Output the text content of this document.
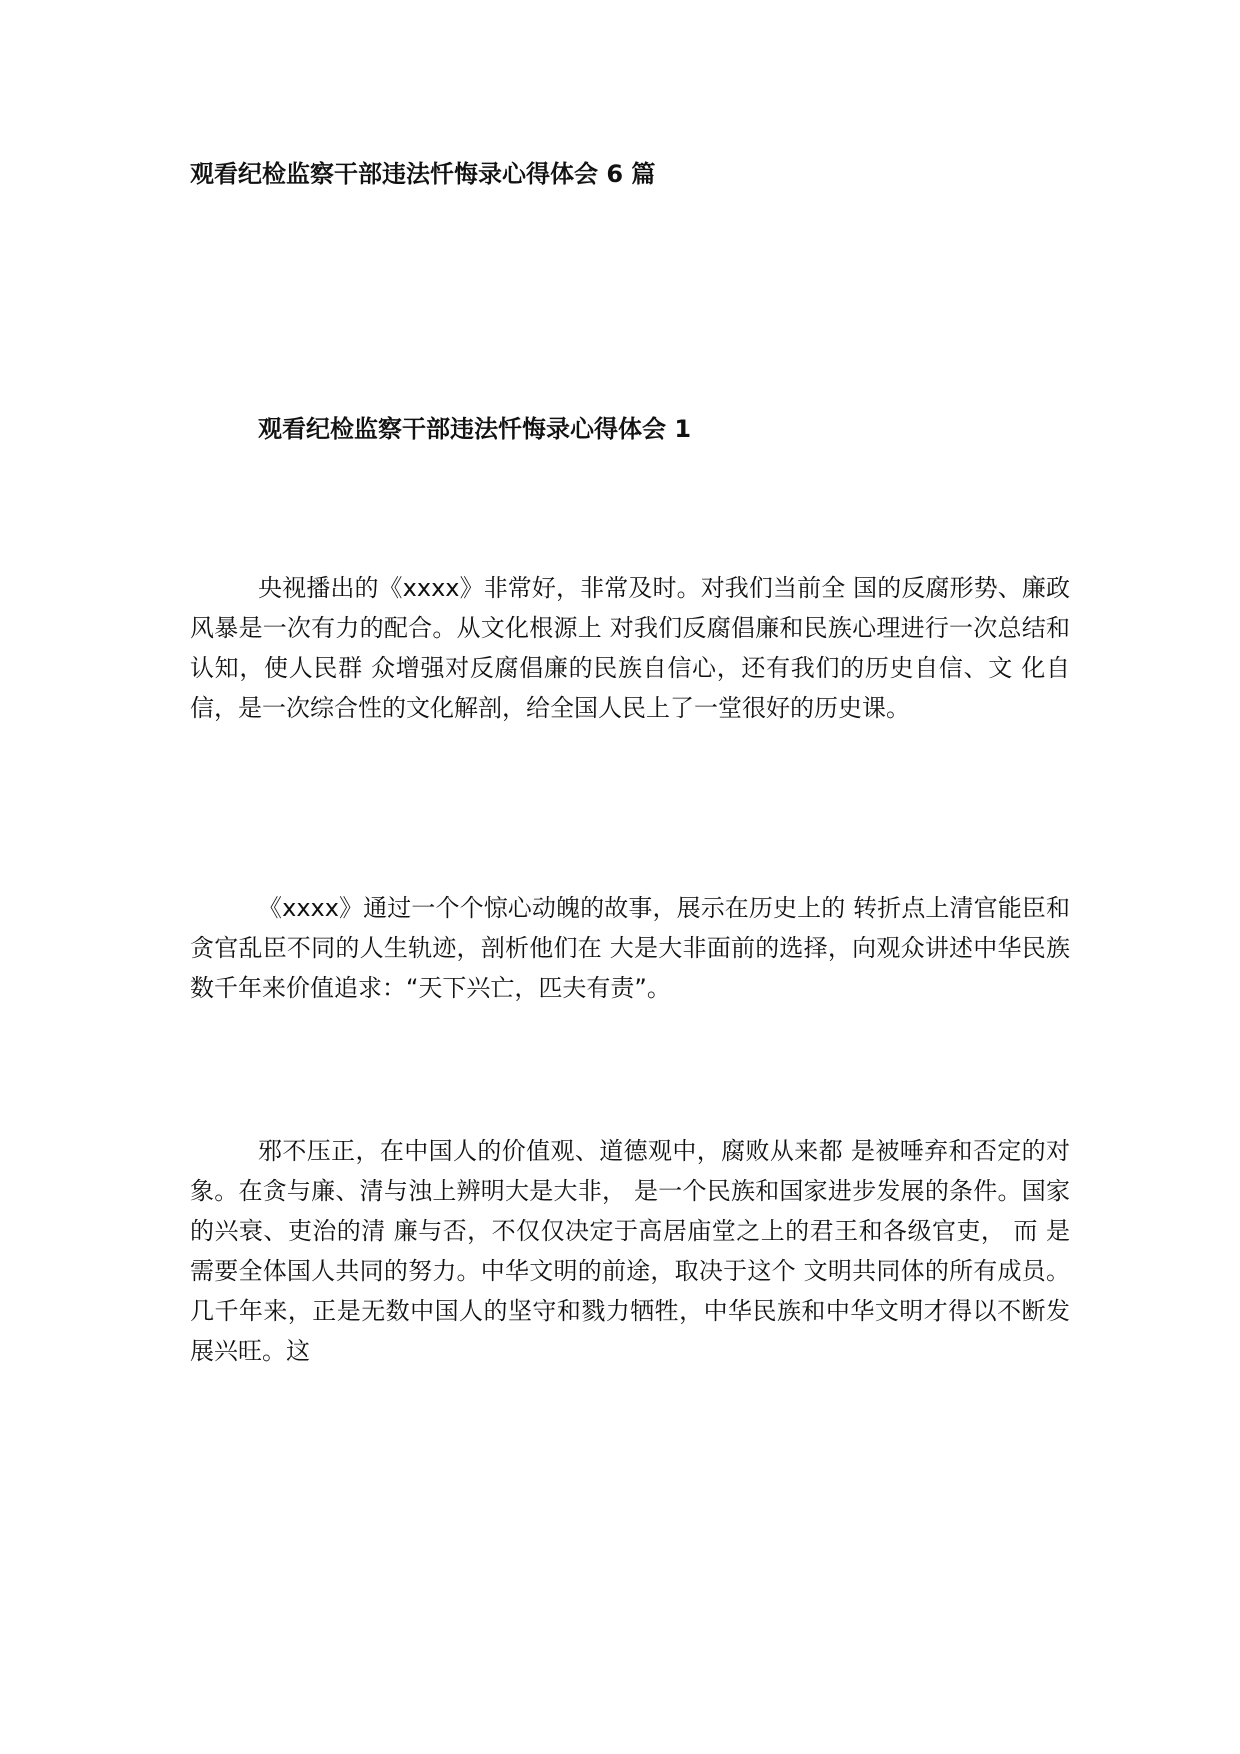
观看纪检监察干部违法忏悔录心得体会 6 篇
观看纪检监察干部违法忏悔录心得体会 1

央视播出的《xxxx》非常好，非常及时。对我们当前全 国的反腐形势、廉政风暴是一次有力的配合。从文化根源上 对我们反腐倡廉和民族心理进行一次总结和认知，使人民群 众增强对反腐倡廉的民族自信心，还有我们的历史自信、文 化自信，是一次综合性的文化解剖，给全国人民上了一堂很好的历史课。

《xxxx》通过一个个惊心动魄的故事，展示在历史上的 转折点上清官能臣和贪官乱臣不同的人生轨迹，剖析他们在 大是大非面前的选择，向观众讲述中华民族数千年来价值追求：“天下兴亡，匹夫有责”。

邪不压正，在中国人的价值观、道德观中，腐败从来都 是被唾弃和否定的对象。在贪与廉、清与浊上辨明大是大非， 是一个民族和国家进步发展的条件。国家的兴衰、吏治的清 廉与否，不仅仅决定于高居庙堂之上的君王和各级官吏， 而 是需要全体国人共同的努力。中华文明的前途，取决于这个 文明共同体的所有成员。几千年来，正是无数中国人的坚守和戮力牺牲，中华民族和中华文明才得以不断发展兴旺。这
